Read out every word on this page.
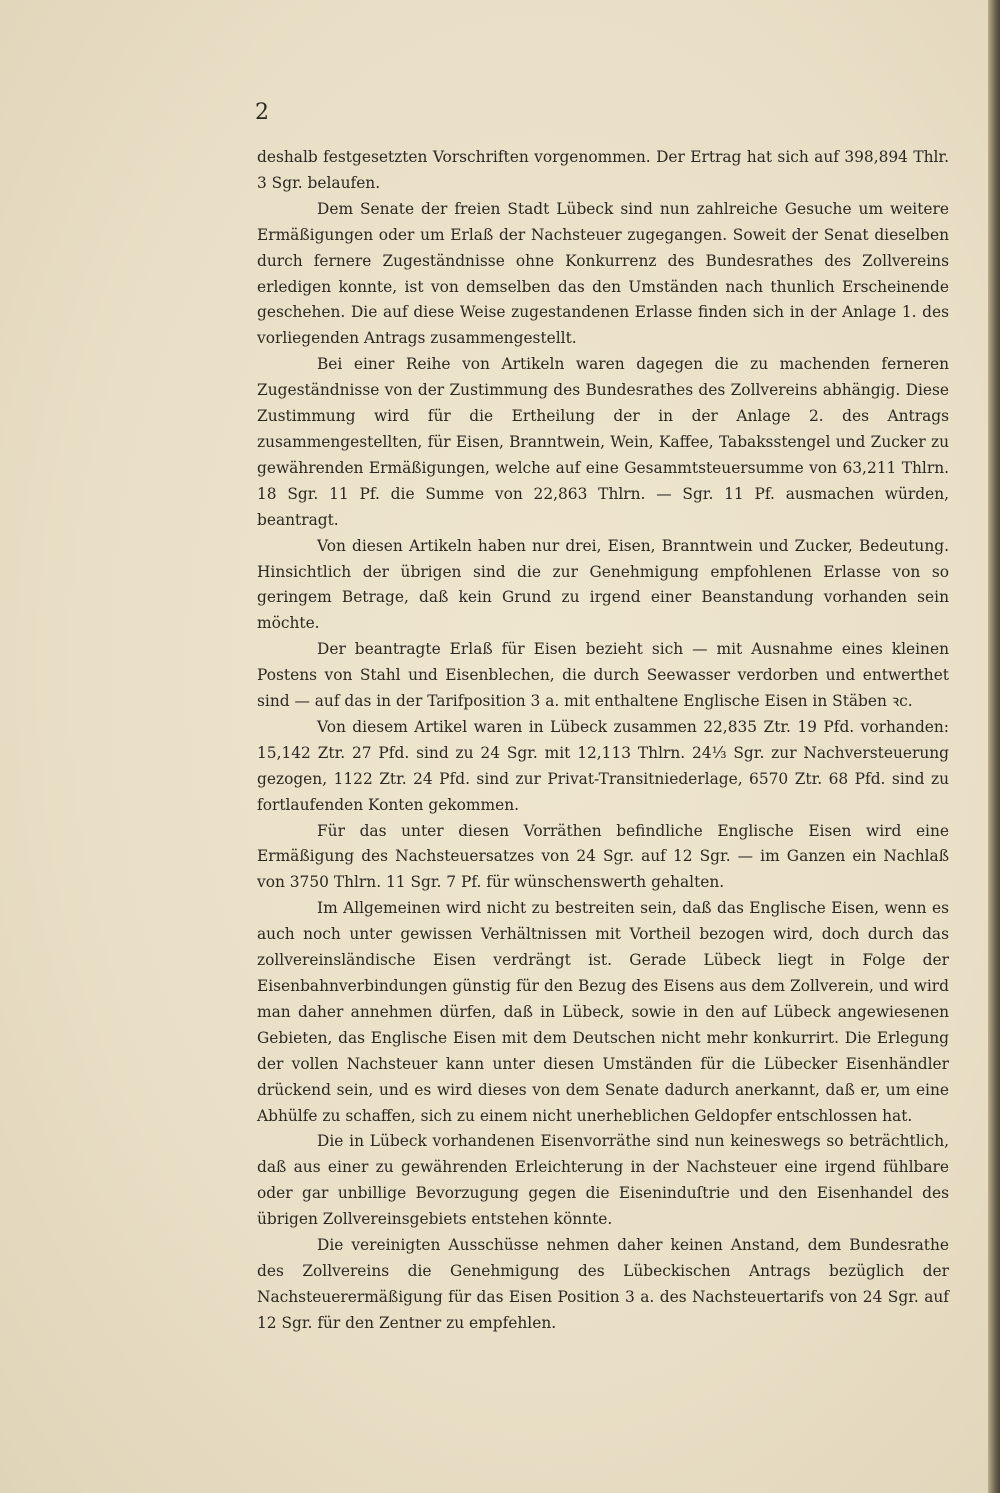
2

deshalb festgesetzten Vorschriften vorgenommen. Der Ertrag hat sich auf 398,894 Thlr. 3 Sgr. belaufen.

Dem Senate der freien Stadt Lübeck sind nun zahlreiche Gesuche um weitere Ermäßigungen oder um Erlaß der Nachsteuer zugegangen. Soweit der Senat dieselben durch fernere Zugeständnisse ohne Konkurrenz des Bundesrathes des Zollvereins erledigen konnte, ist von demselben das den Umständen nach thunlich Erscheinende geschehen. Die auf diese Weise zugestandenen Erlasse finden sich in der Anlage 1. des vorliegenden Antrags zusammengestellt.

Bei einer Reihe von Artikeln waren dagegen die zu machenden ferneren Zugeständnisse von der Zustimmung des Bundesrathes des Zollvereins abhängig. Diese Zustimmung wird für die Ertheilung der in der Anlage 2. des Antrags zusammengestellten, für Eisen, Branntwein, Wein, Kaffee, Tabaksstengel und Zucker zu gewährenden Ermäßigungen, welche auf eine Gesammtsteuersumme von 63,211 Thlrn. 18 Sgr. 11 Pf. die Summe von 22,863 Thlrn. — Sgr. 11 Pf. ausmachen würden, beantragt.

Von diesen Artikeln haben nur drei, Eisen, Branntwein und Zucker, Bedeutung. Hinsichtlich der übrigen sind die zur Genehmigung empfohlenen Erlasse von so geringem Betrage, daß kein Grund zu irgend einer Beanstandung vorhanden sein möchte.

Der beantragte Erlaß für Eisen bezieht sich — mit Ausnahme eines kleinen Postens von Stahl und Eisenblechen, die durch Seewasser verdorben und entwerthet sind — auf das in der Tarifposition 3 a. mit enthaltene Englische Eisen in Stäben ꝛc.

Von diesem Artikel waren in Lübeck zusammen 22,835 Ztr. 19 Pfd. vorhanden: 15,142 Ztr. 27 Pfd. sind zu 24 Sgr. mit 12,113 Thlrn. 24⅓ Sgr. zur Nachversteuerung gezogen, 1122 Ztr. 24 Pfd. sind zur Privat-Transitniederlage, 6570 Ztr. 68 Pfd. sind zu fortlaufenden Konten gekommen.

Für das unter diesen Vorräthen befindliche Englische Eisen wird eine Ermäßigung des Nachsteuersatzes von 24 Sgr. auf 12 Sgr. — im Ganzen ein Nachlaß von 3750 Thlrn. 11 Sgr. 7 Pf. für wünschenswerth gehalten.

Im Allgemeinen wird nicht zu bestreiten sein, daß das Englische Eisen, wenn es auch noch unter gewissen Verhältnissen mit Vortheil bezogen wird, doch durch das zollvereinsländische Eisen verdrängt ist. Gerade Lübeck liegt in Folge der Eisenbahnverbindungen günstig für den Bezug des Eisens aus dem Zollverein, und wird man daher annehmen dürfen, daß in Lübeck, sowie in den auf Lübeck angewiesenen Gebieten, das Englische Eisen mit dem Deutschen nicht mehr konkurrirt. Die Erlegung der vollen Nachsteuer kann unter diesen Umständen für die Lübecker Eisenhändler drückend sein, und es wird dieses von dem Senate dadurch anerkannt, daß er, um eine Abhülfe zu schaffen, sich zu einem nicht unerheblichen Geldopfer entschlossen hat.

Die in Lübeck vorhandenen Eisenvorräthe sind nun keineswegs so beträchtlich, daß aus einer zu gewährenden Erleichterung in der Nachsteuer eine irgend fühlbare oder gar unbillige Bevorzugung gegen die Eiseninduſtrie und den Eisenhandel des übrigen Zollvereinsgebiets entstehen könnte.

Die vereinigten Ausschüsse nehmen daher keinen Anstand, dem Bundesrathe des Zollvereins die Genehmigung des Lübeckischen Antrags bezüglich der Nachsteuerermäßigung für das Eisen Position 3 a. des Nachsteuertarifs von 24 Sgr. auf 12 Sgr. für den Zentner zu empfehlen.
